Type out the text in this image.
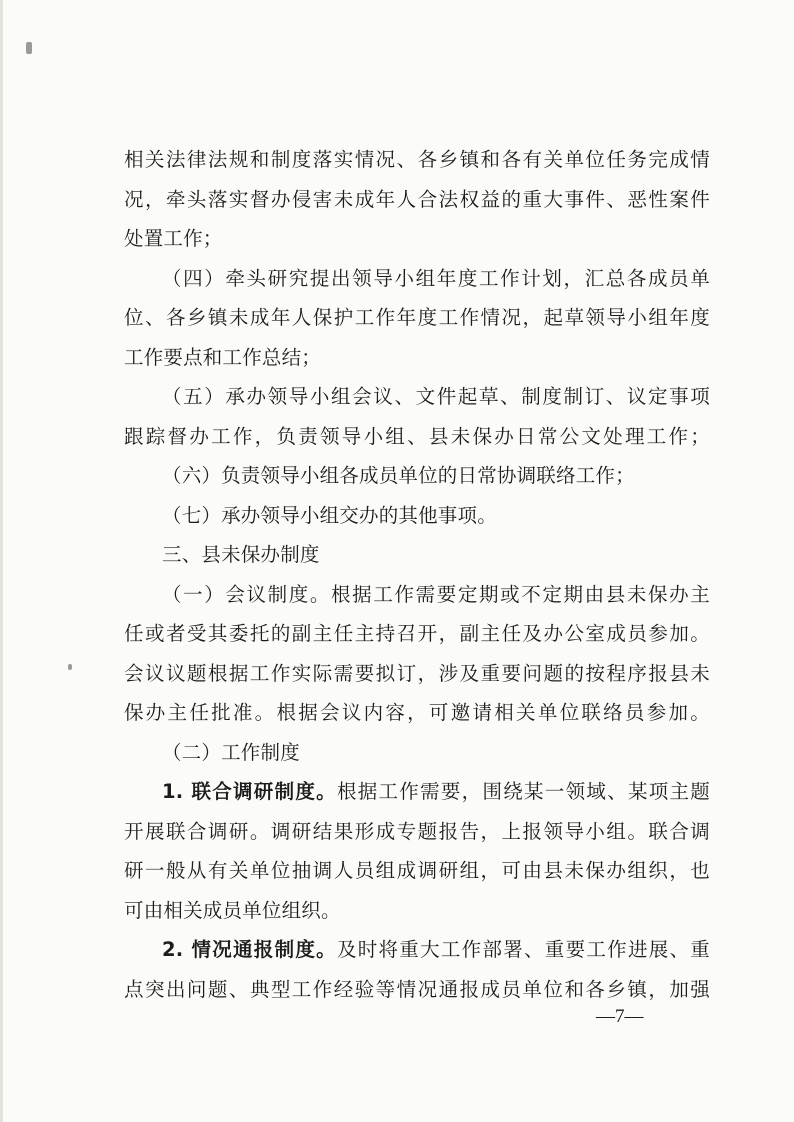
相关法律法规和制度落实情况、各乡镇和各有关单位任务完成情
况，牵头落实督办侵害未成年人合法权益的重大事件、恶性案件
处置工作；
（四）牵头研究提出领导小组年度工作计划，汇总各成员单
位、各乡镇未成年人保护工作年度工作情况，起草领导小组年度
工作要点和工作总结；
（五）承办领导小组会议、文件起草、制度制订、议定事项
跟踪督办工作，负责领导小组、县未保办日常公文处理工作；
（六）负责领导小组各成员单位的日常协调联络工作；
（七）承办领导小组交办的其他事项。
三、县未保办制度
（一）会议制度。根据工作需要定期或不定期由县未保办主
任或者受其委托的副主任主持召开，副主任及办公室成员参加。
会议议题根据工作实际需要拟订，涉及重要问题的按程序报县未
保办主任批准。根据会议内容，可邀请相关单位联络员参加。
（二）工作制度
1. 联合调研制度。根据工作需要，围绕某一领域、某项主题
开展联合调研。调研结果形成专题报告，上报领导小组。联合调
研一般从有关单位抽调人员组成调研组，可由县未保办组织，也
可由相关成员单位组织。
2. 情况通报制度。及时将重大工作部署、重要工作进展、重
点突出问题、典型工作经验等情况通报成员单位和各乡镇，加强
—7—
